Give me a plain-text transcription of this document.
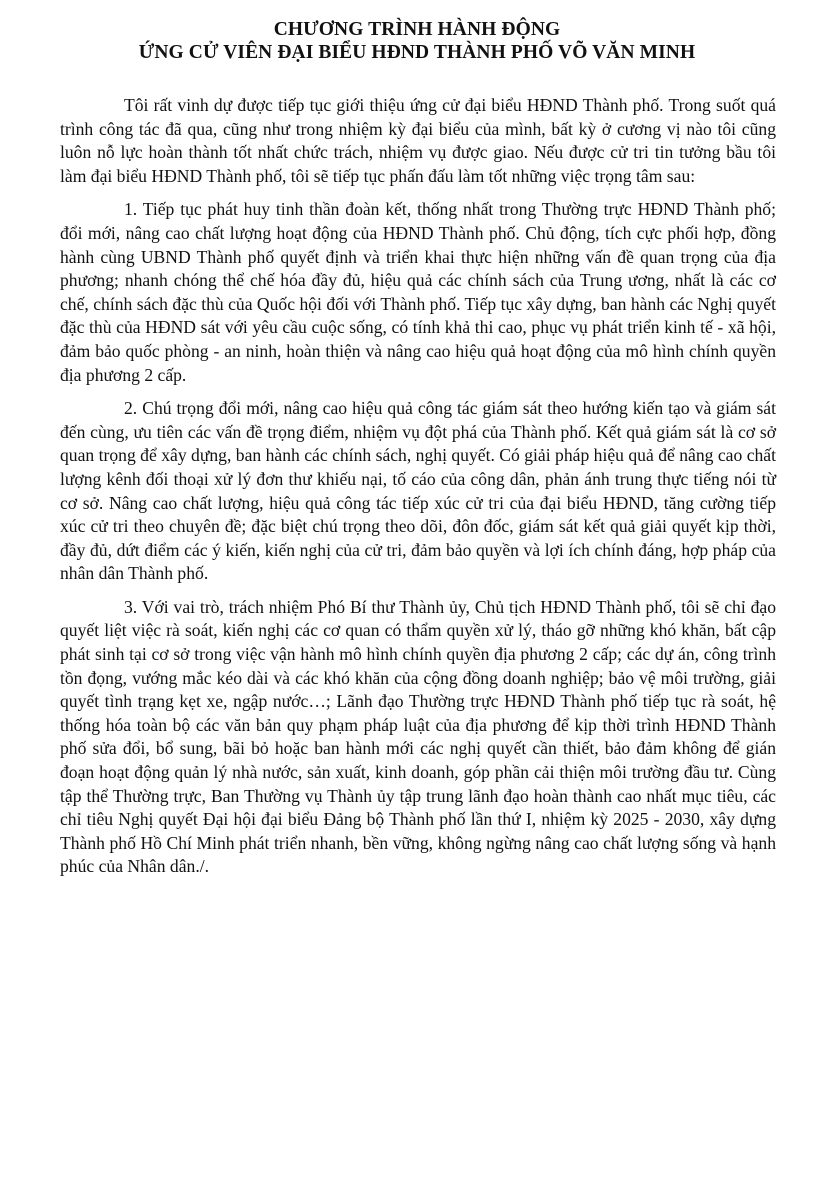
CHƯƠNG TRÌNH HÀNH ĐỘNG

ỨNG CỬ VIÊN ĐẠI BIỂU HĐND THÀNH PHỐ VÕ VĂN MINH

Tôi rất vinh dự được tiếp tục giới thiệu ứng cử đại biểu HĐND Thành phố. Trong suốt quá trình công tác đã qua, cũng như trong nhiệm kỳ đại biểu của mình, bất kỳ ở cương vị nào tôi cũng luôn nỗ lực hoàn thành tốt nhất chức trách, nhiệm vụ được giao. Nếu được cử tri tin tưởng bầu tôi làm đại biểu HĐND Thành phố, tôi sẽ tiếp tục phấn đấu làm tốt những việc trọng tâm sau:

1. Tiếp tục phát huy tinh thần đoàn kết, thống nhất trong Thường trực HĐND Thành phố; đổi mới, nâng cao chất lượng hoạt động của HĐND Thành phố. Chủ động, tích cực phối hợp, đồng hành cùng UBND Thành phố quyết định và triển khai thực hiện những vấn đề quan trọng của địa phương; nhanh chóng thể chế hóa đầy đủ, hiệu quả các chính sách của Trung ương, nhất là các cơ chế, chính sách đặc thù của Quốc hội đối với Thành phố. Tiếp tục xây dựng, ban hành các Nghị quyết đặc thù của HĐND sát với yêu cầu cuộc sống, có tính khả thi cao, phục vụ phát triển kinh tế - xã hội, đảm bảo quốc phòng - an ninh, hoàn thiện và nâng cao hiệu quả hoạt động của mô hình chính quyền địa phương 2 cấp.

2. Chú trọng đổi mới, nâng cao hiệu quả công tác giám sát theo hướng kiến tạo và giám sát đến cùng, ưu tiên các vấn đề trọng điểm, nhiệm vụ đột phá của Thành phố. Kết quả giám sát là cơ sở quan trọng để xây dựng, ban hành các chính sách, nghị quyết. Có giải pháp hiệu quả để nâng cao chất lượng kênh đối thoại xử lý đơn thư khiếu nại, tố cáo của công dân, phản ánh trung thực tiếng nói từ cơ sở. Nâng cao chất lượng, hiệu quả công tác tiếp xúc cử tri của đại biểu HĐND, tăng cường tiếp xúc cử tri theo chuyên đề; đặc biệt chú trọng theo dõi, đôn đốc, giám sát kết quả giải quyết kịp thời, đầy đủ, dứt điểm các ý kiến, kiến nghị của cử tri, đảm bảo quyền và lợi ích chính đáng, hợp pháp của nhân dân Thành phố.

3. Với vai trò, trách nhiệm Phó Bí thư Thành ủy, Chủ tịch HĐND Thành phố, tôi sẽ chỉ đạo quyết liệt việc rà soát, kiến nghị các cơ quan có thẩm quyền xử lý, tháo gỡ những khó khăn, bất cập phát sinh tại cơ sở trong việc vận hành mô hình chính quyền địa phương 2 cấp; các dự án, công trình tồn đọng, vướng mắc kéo dài và các khó khăn của cộng đồng doanh nghiệp; bảo vệ môi trường, giải quyết tình trạng kẹt xe, ngập nước…; Lãnh đạo Thường trực HĐND Thành phố tiếp tục rà soát, hệ thống hóa toàn bộ các văn bản quy phạm pháp luật của địa phương để kịp thời trình HĐND Thành phố sửa đổi, bổ sung, bãi bỏ hoặc ban hành mới các nghị quyết cần thiết, bảo đảm không để gián đoạn hoạt động quản lý nhà nước, sản xuất, kinh doanh, góp phần cải thiện môi trường đầu tư. Cùng tập thể Thường trực, Ban Thường vụ Thành ủy tập trung lãnh đạo hoàn thành cao nhất mục tiêu, các chỉ tiêu Nghị quyết Đại hội đại biểu Đảng bộ Thành phố lần thứ I, nhiệm kỳ 2025 - 2030, xây dựng Thành phố Hồ Chí Minh phát triển nhanh, bền vững, không ngừng nâng cao chất lượng sống và hạnh phúc của Nhân dân./.
